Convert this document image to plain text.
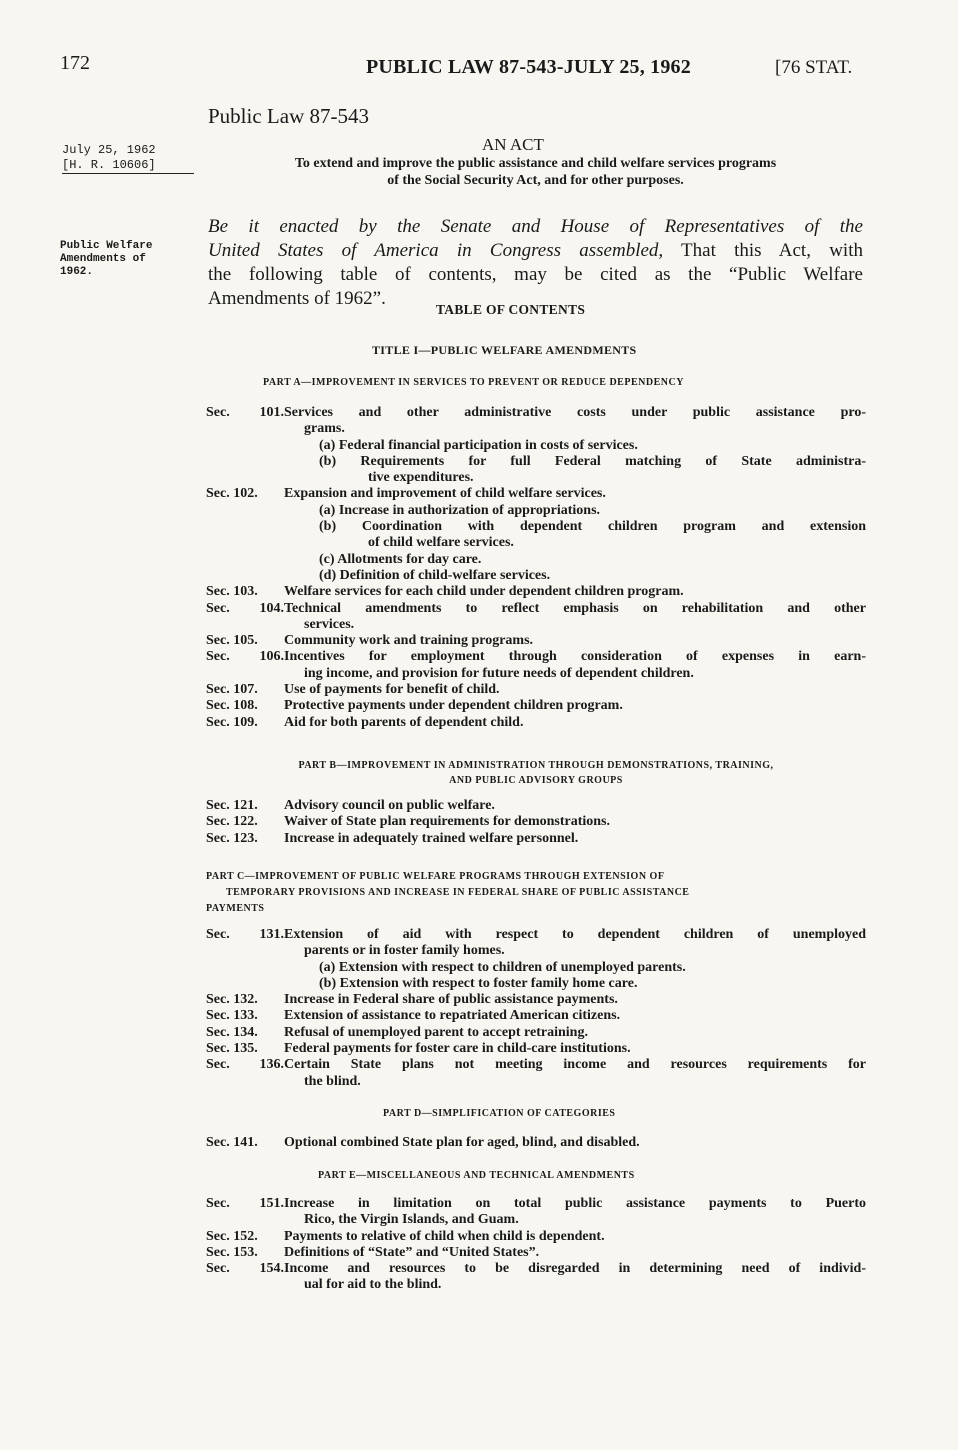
172	PUBLIC LAW 87-543-JULY 25, 1962	[76 STAT.
Public Law 87-543
July 25, 1962
[H. R. 10606]
AN ACT
To extend and improve the public assistance and child welfare services programs
of the Social Security Act, and for other purposes.
Public Welfare
Amendments of
1962.
Be it enacted by the Senate and House of Representatives of the
United States of America in Congress assembled, That this Act, with
the following table of contents, may be cited as the “Public Welfare
Amendments of 1962”.
TABLE OF CONTENTS
TITLE I—PUBLIC WELFARE AMENDMENTS
PART A—IMPROVEMENT IN SERVICES TO PREVENT OR REDUCE DEPENDENCY
Sec. 101.Services and other administrative costs under public assistance pro-
grams.
(a) Federal financial participation in costs of services.
(b) Requirements for full Federal matching of State administra-
tive expenditures.
Sec. 102. Expansion and improvement of child welfare services.
(a) Increase in authorization of appropriations.
(b) Coordination with dependent children program and extension
of child welfare services.
(c) Allotments for day care.
(d) Definition of child-welfare services.
Sec. 103. Welfare services for each child under dependent children program.
Sec. 104.Technical amendments to reflect emphasis on rehabilitation and other
services.
Sec. 105. Community work and training programs.
Sec. 106.Incentives for employment through consideration of expenses in earn-
ing income, and provision for future needs of dependent children.
Sec. 107. Use of payments for benefit of child.
Sec. 108. Protective payments under dependent children program.
Sec. 109. Aid for both parents of dependent child.
PART B—IMPROVEMENT IN ADMINISTRATION THROUGH DEMONSTRATIONS, TRAINING,
AND PUBLIC ADVISORY GROUPS
Sec. 121. Advisory council on public welfare.
Sec. 122. Waiver of State plan requirements for demonstrations.
Sec. 123. Increase in adequately trained welfare personnel.
PART C—IMPROVEMENT OF PUBLIC WELFARE PROGRAMS THROUGH EXTENSION OF
TEMPORARY PROVISIONS AND INCREASE IN FEDERAL SHARE OF PUBLIC ASSISTANCE
PAYMENTS
Sec. 131.Extension of aid with respect to dependent children of unemployed
parents or in foster family homes.
(a) Extension with respect to children of unemployed parents.
(b) Extension with respect to foster family home care.
Sec. 132. Increase in Federal share of public assistance payments.
Sec. 133. Extension of assistance to repatriated American citizens.
Sec. 134. Refusal of unemployed parent to accept retraining.
Sec. 135. Federal payments for foster care in child-care institutions.
Sec. 136.Certain State plans not meeting income and resources requirements for
the blind.
PART D—SIMPLIFICATION OF CATEGORIES
Sec. 141. Optional combined State plan for aged, blind, and disabled.
PART E—MISCELLANEOUS AND TECHNICAL AMENDMENTS
Sec. 151.Increase in limitation on total public assistance payments to Puerto
Rico, the Virgin Islands, and Guam.
Sec. 152. Payments to relative of child when child is dependent.
Sec. 153. Definitions of “State” and “United States”.
Sec. 154.Income and resources to be disregarded in determining need of individ-
ual for aid to the blind.
